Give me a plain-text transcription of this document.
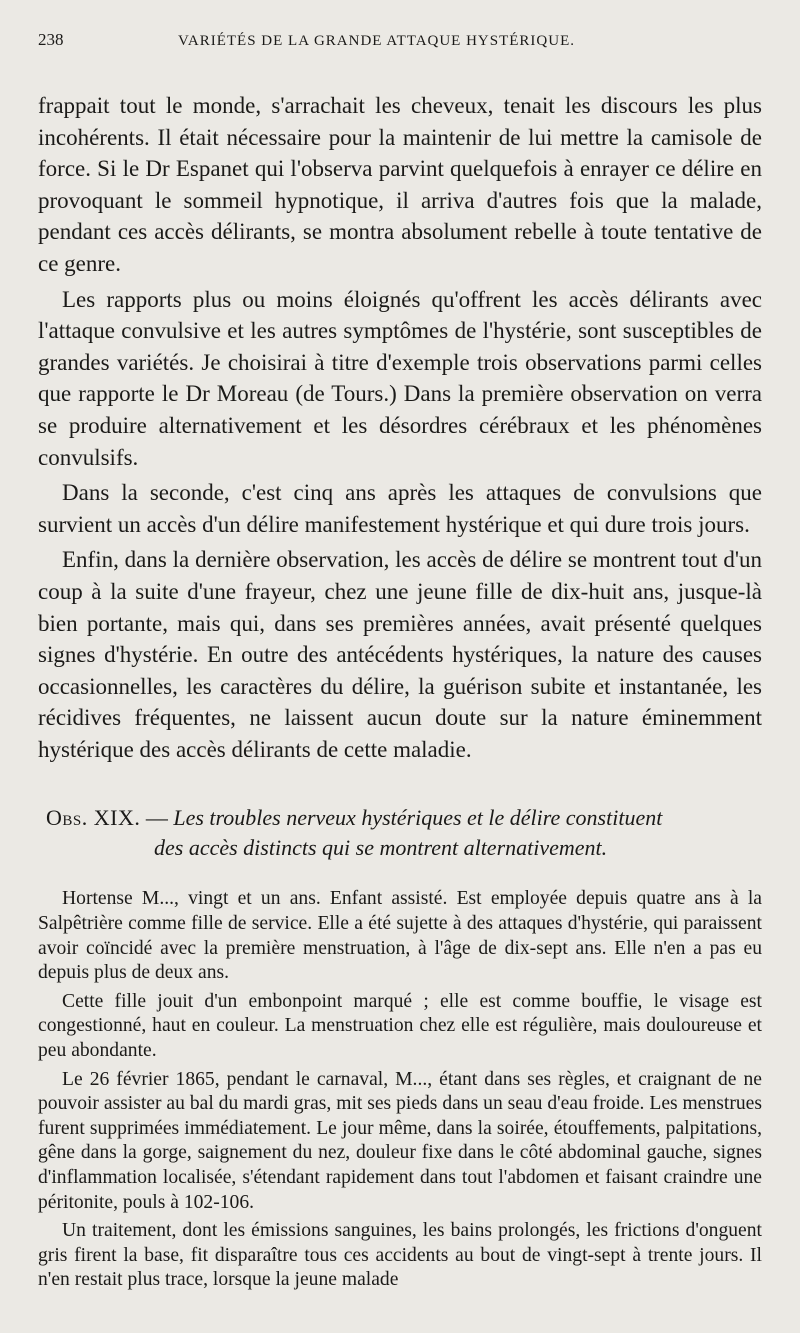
238	VARIÉTÉS DE LA GRANDE ATTAQUE HYSTÉRIQUE.

frappait tout le monde, s'arrachait les cheveux, tenait les discours les plus incohérents. Il était nécessaire pour la maintenir de lui mettre la camisole de force. Si le Dr Espanet qui l'observa parvint quelquefois à enrayer ce délire en provoquant le sommeil hypnotique, il arriva d'autres fois que la malade, pendant ces accès délirants, se montra absolument rebelle à toute tentative de ce genre.

Les rapports plus ou moins éloignés qu'offrent les accès délirants avec l'attaque convulsive et les autres symptômes de l'hystérie, sont susceptibles de grandes variétés. Je choisirai à titre d'exemple trois observations parmi celles que rapporte le Dr Moreau (de Tours.) Dans la première observation on verra se produire alternativement et les désordres cérébraux et les phénomènes convulsifs.

Dans la seconde, c'est cinq ans après les attaques de convulsions que survient un accès d'un délire manifestement hystérique et qui dure trois jours.

Enfin, dans la dernière observation, les accès de délire se montrent tout d'un coup à la suite d'une frayeur, chez une jeune fille de dix-huit ans, jusque-là bien portante, mais qui, dans ses premières années, avait présenté quelques signes d'hystérie. En outre des antécédents hystériques, la nature des causes occasionnelles, les caractères du délire, la guérison subite et instantanée, les récidives fréquentes, ne laissent aucun doute sur la nature éminemment hystérique des accès délirants de cette maladie.

Obs. XIX. — Les troubles nerveux hystériques et le délire constituent
des accès distincts qui se montrent alternativement.

Hortense M..., vingt et un ans. Enfant assisté. Est employée depuis quatre ans à la Salpêtrière comme fille de service. Elle a été sujette à des attaques d'hystérie, qui paraissent avoir coïncidé avec la première menstruation, à l'âge de dix-sept ans. Elle n'en a pas eu depuis plus de deux ans.

Cette fille jouit d'un embonpoint marqué ; elle est comme bouffie, le visage est congestionné, haut en couleur. La menstruation chez elle est régulière, mais douloureuse et peu abondante.

Le 26 février 1865, pendant le carnaval, M..., étant dans ses règles, et craignant de ne pouvoir assister au bal du mardi gras, mit ses pieds dans un seau d'eau froide. Les menstrues furent supprimées immédiatement. Le jour même, dans la soirée, étouffements, palpitations, gêne dans la gorge, saignement du nez, douleur fixe dans le côté abdominal gauche, signes d'inflammation localisée, s'étendant rapidement dans tout l'abdomen et faisant craindre une péritonite, pouls à 102-106.

Un traitement, dont les émissions sanguines, les bains prolongés, les frictions d'onguent gris firent la base, fit disparaître tous ces accidents au bout de vingt-sept à trente jours. Il n'en restait plus trace, lorsque la jeune malade
